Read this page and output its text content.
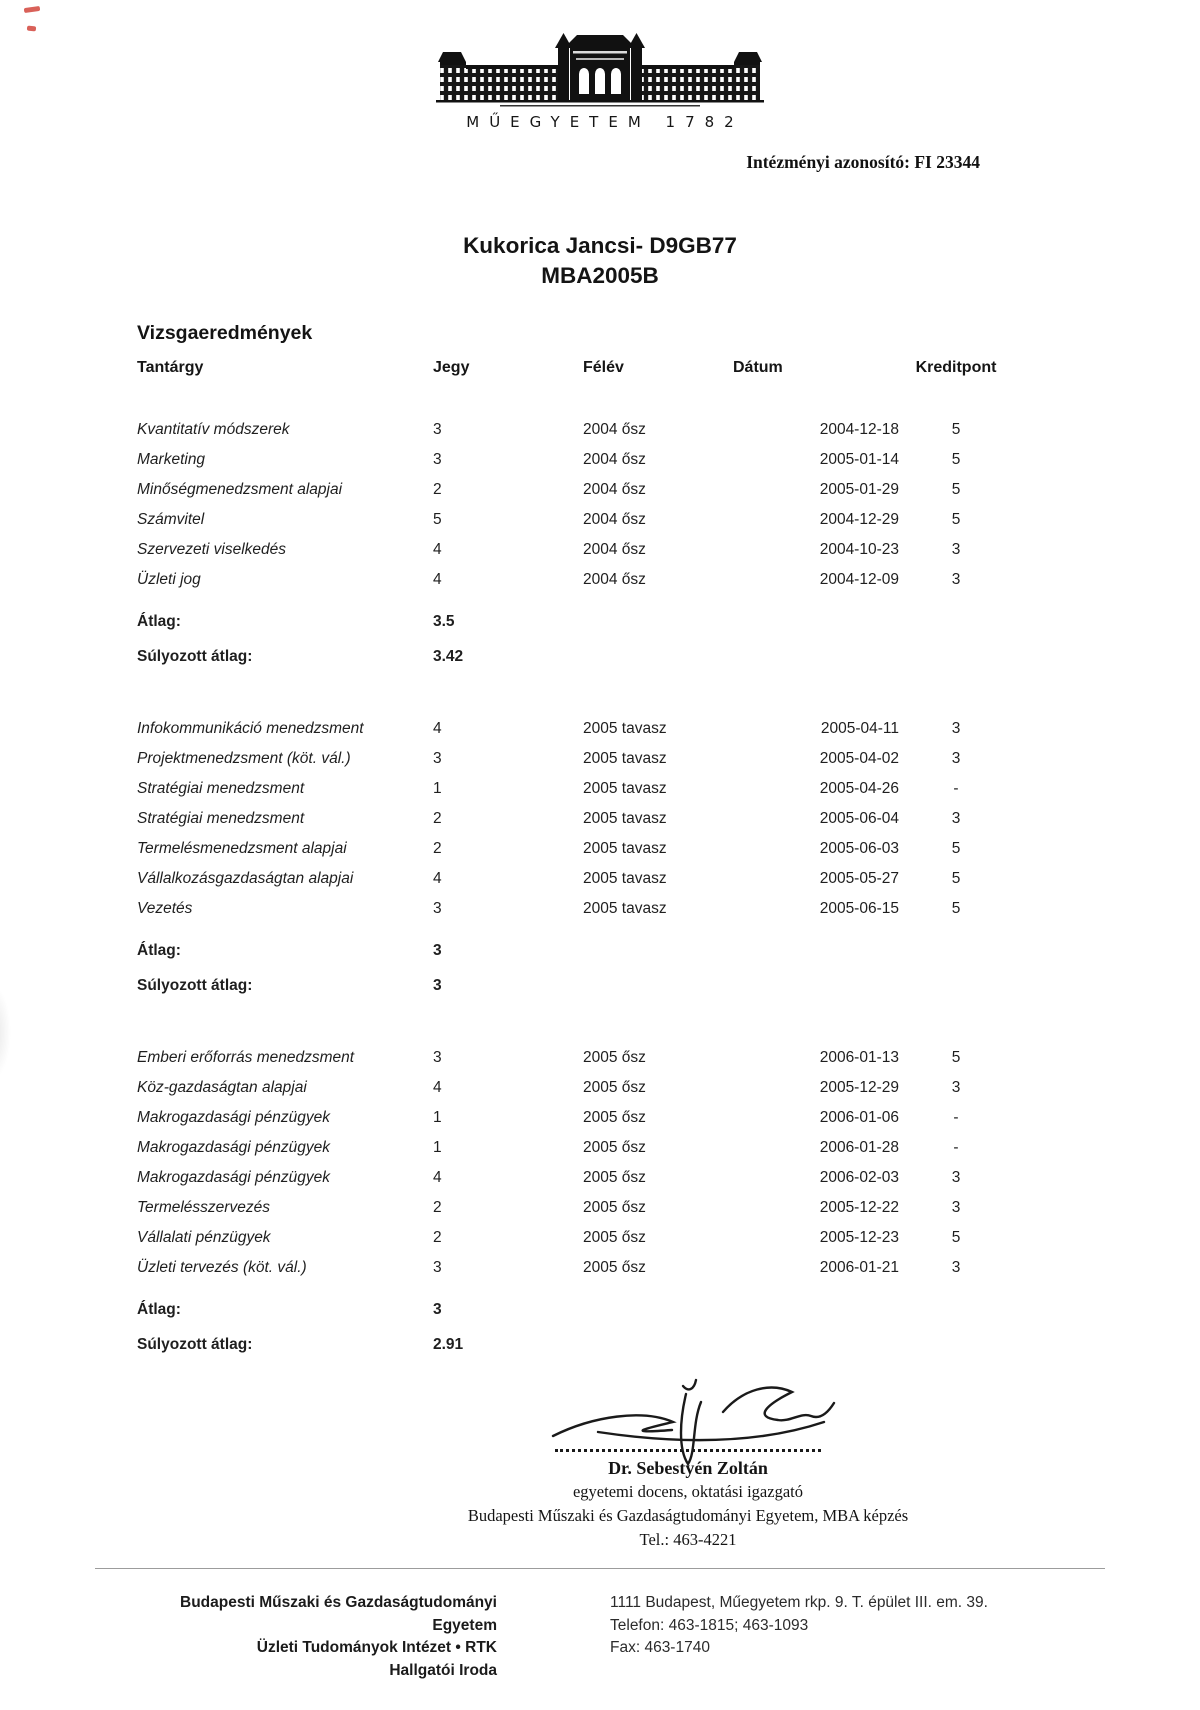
MŰEGYETEM 1782
Intézményi azonosító: FI 23344
Kukorica Jancsi- D9GB77
MBA2005B
Vizsgaeredmények
Tantárgy	Jegy	Félév	Dátum	Kreditpont
Kvantitatív módszerek	3	2004 ősz	2004-12-18	5
Marketing	3	2004 ősz	2005-01-14	5
Minőségmenedzsment alapjai	2	2004 ősz	2005-01-29	5
Számvitel	5	2004 ősz	2004-12-29	5
Szervezeti viselkedés	4	2004 ősz	2004-10-23	3
Üzleti jog	4	2004 ősz	2004-12-09	3
Átlag:	3.5
Súlyozott átlag:	3.42
Infokommunikáció menedzsment	4	2005 tavasz	2005-04-11	3
Projektmenedzsment (köt. vál.)	3	2005 tavasz	2005-04-02	3
Stratégiai menedzsment	1	2005 tavasz	2005-04-26	-
Stratégiai menedzsment	2	2005 tavasz	2005-06-04	3
Termelésmenedzsment alapjai	2	2005 tavasz	2005-06-03	5
Vállalkozásgazdaságtan alapjai	4	2005 tavasz	2005-05-27	5
Vezetés	3	2005 tavasz	2005-06-15	5
Átlag:	3
Súlyozott átlag:	3
Emberi erőforrás menedzsment	3	2005 ősz	2006-01-13	5
Köz-gazdaságtan alapjai	4	2005 ősz	2005-12-29	3
Makrogazdasági pénzügyek	1	2005 ősz	2006-01-06	-
Makrogazdasági pénzügyek	1	2005 ősz	2006-01-28	-
Makrogazdasági pénzügyek	4	2005 ősz	2006-02-03	3
Termelésszervezés	2	2005 ősz	2005-12-22	3
Vállalati pénzügyek	2	2005 ősz	2005-12-23	5
Üzleti tervezés (köt. vál.)	3	2005 ősz	2006-01-21	3
Átlag:	3
Súlyozott átlag:	2.91
Dr. Sebestyén Zoltán
egyetemi docens, oktatási igazgató
Budapesti Műszaki és Gazdaságtudományi Egyetem, MBA képzés
Tel.: 463-4221
Budapesti Műszaki és Gazdaságtudományi Egyetem
Üzleti Tudományok Intézet • RTK
Hallgatói Iroda
1111 Budapest, Műegyetem rkp. 9. T. épület III. em. 39.
Telefon: 463-1815; 463-1093
Fax: 463-1740
